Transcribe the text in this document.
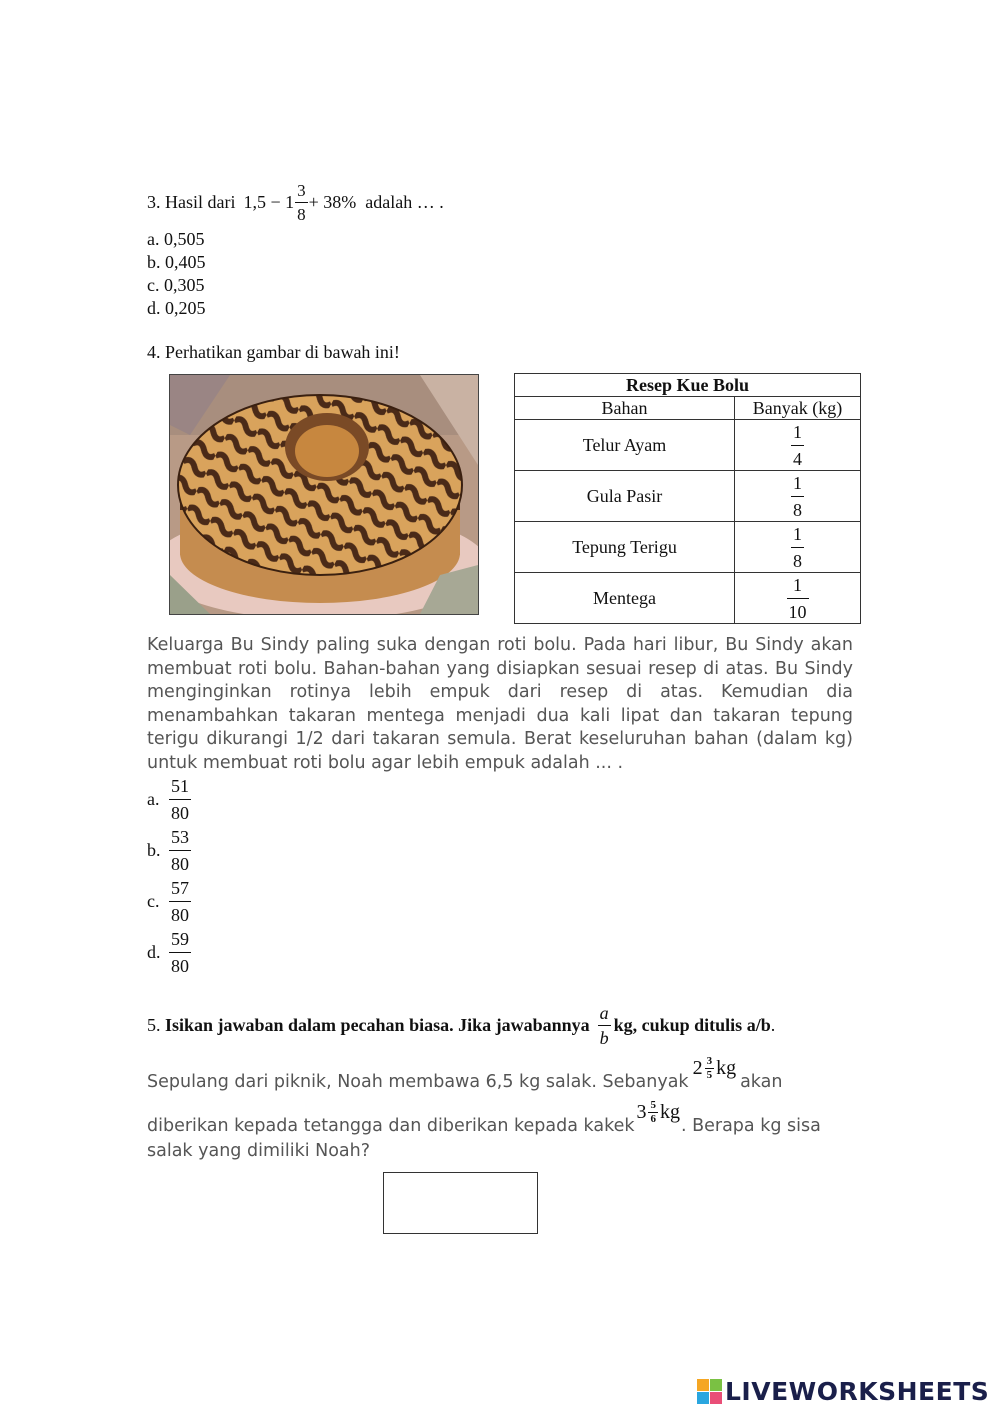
3. Hasil dari $1,5 - 1 \frac{3}{8} + 38\%$ adalah … .
a. 0,505
b. 0,405
c. 0,305
d. 0,205
4. Perhatikan gambar di bawah ini!
Resep Kue Bolu	
Bahan	Banyak (kg)
Telur Ayam	$\frac{1}{4}$

Gula Pasir	$\frac{1}{8}$

Tepung Terigu	$\frac{1}{8}$

Mentega	$\frac{1}{10}$
Keluarga Bu Sindy paling suka dengan roti bolu. Pada hari libur, Bu Sindy akan membuat roti bolu. Bahan-bahan yang disiapkan sesuai resep di atas. Bu Sindy menginginkan rotinya lebih empuk dari resep di atas. Kemudian dia menambahkan takaran mentega menjadi dua kali lipat dan takaran tepung terigu dikurangi 1/2 dari takaran semula. Berat keseluruhan bahan (dalam kg) untuk membuat roti bolu agar lebih empuk adalah ... .
a. $\frac{51}{80}$
b. $\frac{53}{80}$
c. $\frac{57}{80}$
d. $\frac{59}{80}$
5.
Isikan jawaban dalam pecahan biasa. Jika jawabannya $\frac{a}{b}$ kg, cukup ditulis a/b .
Sepulang dari piknik, Noah membawa 6,5 kg salak. Sebanyak
$2 \frac{3}{5}$ kg
akan
diberikan kepada tetangga dan diberikan kepada kakek
$3 \frac{5}{6}$ kg
. Berapa kg sisa
salak yang dimiliki Noah?
LIVEWORKSHEETS
